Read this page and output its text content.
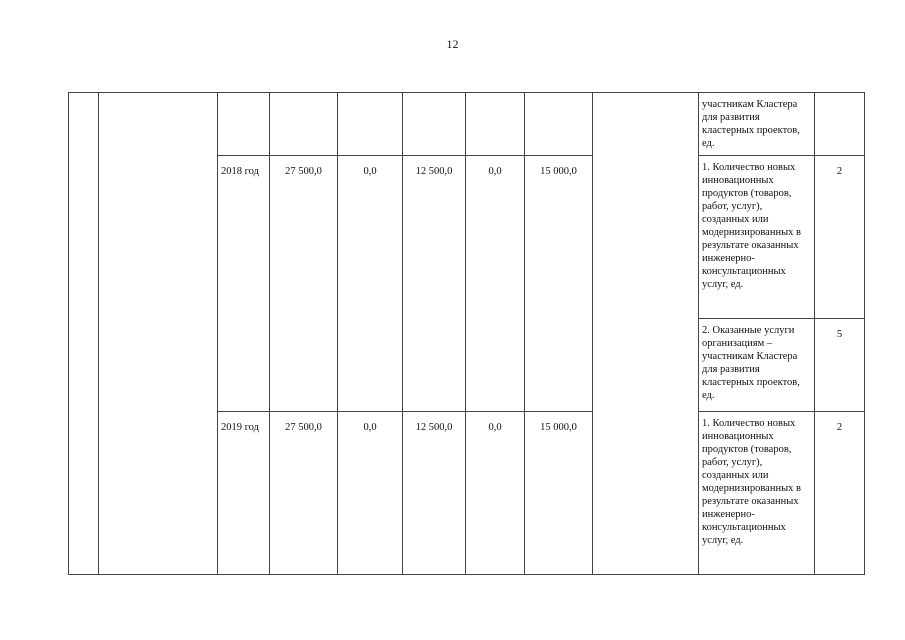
12
									участникам Кластера для развития кластерных проектов, ед.	
		2018 год	27 500,0	0,0	12 500,0	0,0	15 000,0		1. Количество новых инновационных продуктов (товаров, работ, услуг), созданных или модернизированных в результате оказанных инженерно-консультационных услуг, ед.	2
									2. Оказанные услуги организациям – участникам Кластера для развития кластерных проектов, ед.	5
		2019 год	27 500,0	0,0	12 500,0	0,0	15 000,0		1. Количество новых инновационных продуктов (товаров, работ, услуг), созданных или модернизированных в результате оказанных инженерно-консультационных услуг, ед.	2
